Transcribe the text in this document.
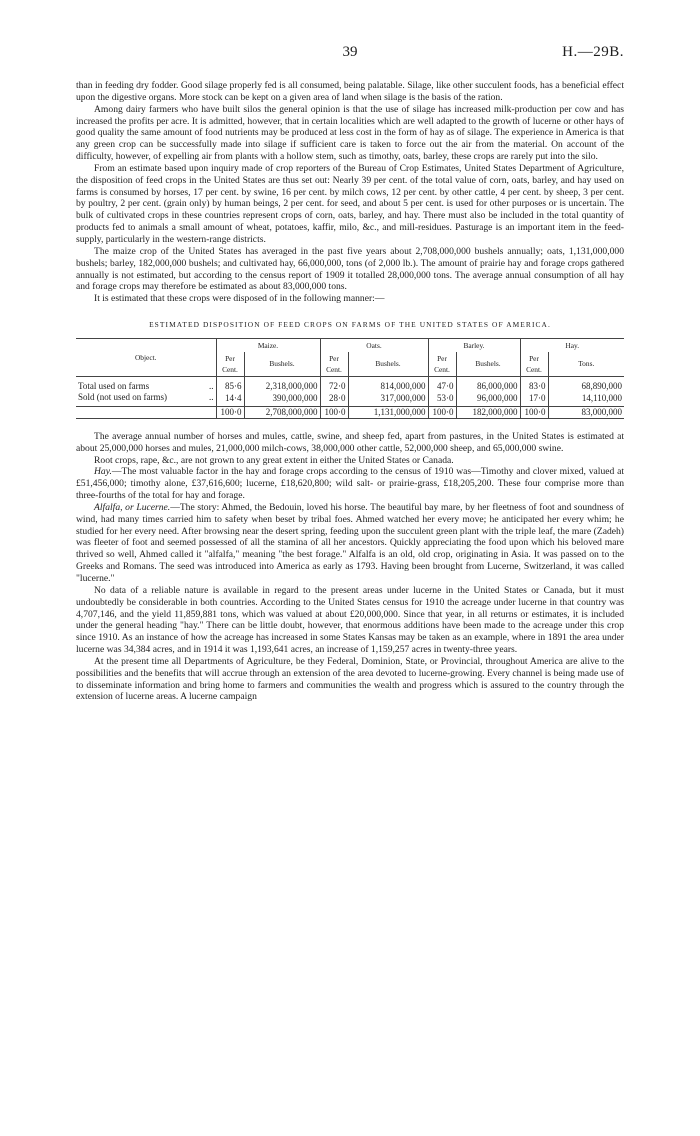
39	H.—29B.

than in feeding dry fodder. Good silage properly fed is all consumed, being palatable. Silage, like other succulent foods, has a beneficial effect upon the digestive organs. More stock can be kept on a given area of land when silage is the basis of the ration.

Among dairy farmers who have built silos the general opinion is that the use of silage has increased milk-production per cow and has increased the profits per acre. It is admitted, however, that in certain localities which are well adapted to the growth of lucerne or other hays of good quality the same amount of food nutrients may be produced at less cost in the form of hay as of silage. The experience in America is that any green crop can be successfully made into silage if sufficient care is taken to force out the air from the material. On account of the difficulty, however, of expelling air from plants with a hollow stem, such as timothy, oats, barley, these crops are rarely put into the silo.

From an estimate based upon inquiry made of crop reporters of the Bureau of Crop Estimates, United States Department of Agriculture, the disposition of feed crops in the United States are thus set out: Nearly 39 per cent. of the total value of corn, oats, barley, and hay used on farms is consumed by horses, 17 per cent. by swine, 16 per cent. by milch cows, 12 per cent. by other cattle, 4 per cent. by sheep, 3 per cent. by poultry, 2 per cent. (grain only) by human beings, 2 per cent. for seed, and about 5 per cent. is used for other purposes or is uncertain. The bulk of cultivated crops in these countries represent crops of corn, oats, barley, and hay. There must also be included in the total quantity of products fed to animals a small amount of wheat, potatoes, kaffir, milo, &c., and mill-residues. Pasturage is an important item in the feed-supply, particularly in the western-range districts.

The maize crop of the United States has averaged in the past five years about 2,708,000,000 bushels annually; oats, 1,131,000,000 bushels; barley, 182,000,000 bushels; and cultivated hay, 66,000,000, tons (of 2,000 lb.). The amount of prairie hay and forage crops gathered annually is not estimated, but according to the census report of 1909 it totalled 28,000,000 tons. The average annual consumption of all hay and forage crops may therefore be estimated as about 83,000,000 tons.

It is estimated that these crops were disposed of in the following manner:—

ESTIMATED DISPOSITION OF FEED CROPS ON FARMS OF THE UNITED STATES OF AMERICA.
Object.	Maize.		Oats.		Barley.		Hay.	
	Per Cent.	Bushels.	Per Cent.	Bushels.	Per Cent.	Bushels.	Per Cent.	Tons.
Total used on farms ..	85·6	2,318,000,000	72·0	814,000,000	47·0	86,000,000	83·0	68,890,000
Sold (not used on farms) ..	14·4	390,000,000	28·0	317,000,000	53·0	96,000,000	17·0	14,110,000
	100·0	2,708,000,000	100·0	1,131,000,000	100·0	182,000,000	100·0	83,000,000

The average annual number of horses and mules, cattle, swine, and sheep fed, apart from pastures, in the United States is estimated at about 25,000,000 horses and mules, 21,000,000 milch-cows, 38,000,000 other cattle, 52,000,000 sheep, and 65,000,000 swine.

Root crops, rape, &c., are not grown to any great extent in either the United States or Canada.

Hay.—The most valuable factor in the hay and forage crops according to the census of 1910 was—Timothy and clover mixed, valued at £51,456,000; timothy alone, £37,616,600; lucerne, £18,620,800; wild salt- or prairie-grass, £18,205,200. These four comprise more than three-fourths of the total for hay and forage.

Alfalfa, or Lucerne.—The story: Ahmed, the Bedouin, loved his horse. The beautiful bay mare, by her fleetness of foot and soundness of wind, had many times carried him to safety when beset by tribal foes. Ahmed watched her every move; he anticipated her every whim; he studied for her every need. After browsing near the desert spring, feeding upon the succulent green plant with the triple leaf, the mare (Zadeh) was fleeter of foot and seemed possessed of all the stamina of all her ancestors. Quickly appreciating the food upon which his beloved mare thrived so well, Ahmed called it "alfalfa," meaning "the best forage." Alfalfa is an old, old crop, originating in Asia. It was passed on to the Greeks and Romans. The seed was introduced into America as early as 1793. Having been brought from Lucerne, Switzerland, it was called "lucerne."

No data of a reliable nature is available in regard to the present areas under lucerne in the United States or Canada, but it must undoubtedly be considerable in both countries. According to the United States census for 1910 the acreage under lucerne in that country was 4,707,146, and the yield 11,859,881 tons, which was valued at about £20,000,000. Since that year, in all returns or estimates, it is included under the general heading "hay." There can be little doubt, however, that enormous additions have been made to the acreage under this crop since 1910. As an instance of how the acreage has increased in some States Kansas may be taken as an example, where in 1891 the area under lucerne was 34,384 acres, and in 1914 it was 1,193,641 acres, an increase of 1,159,257 acres in twenty-three years.

At the present time all Departments of Agriculture, be they Federal, Dominion, State, or Provincial, throughout America are alive to the possibilities and the benefits that will accrue through an extension of the area devoted to lucerne-growing. Every channel is being made use of to disseminate information and bring home to farmers and communities the wealth and progress which is assured to the country through the extension of lucerne areas. A lucerne campaign
